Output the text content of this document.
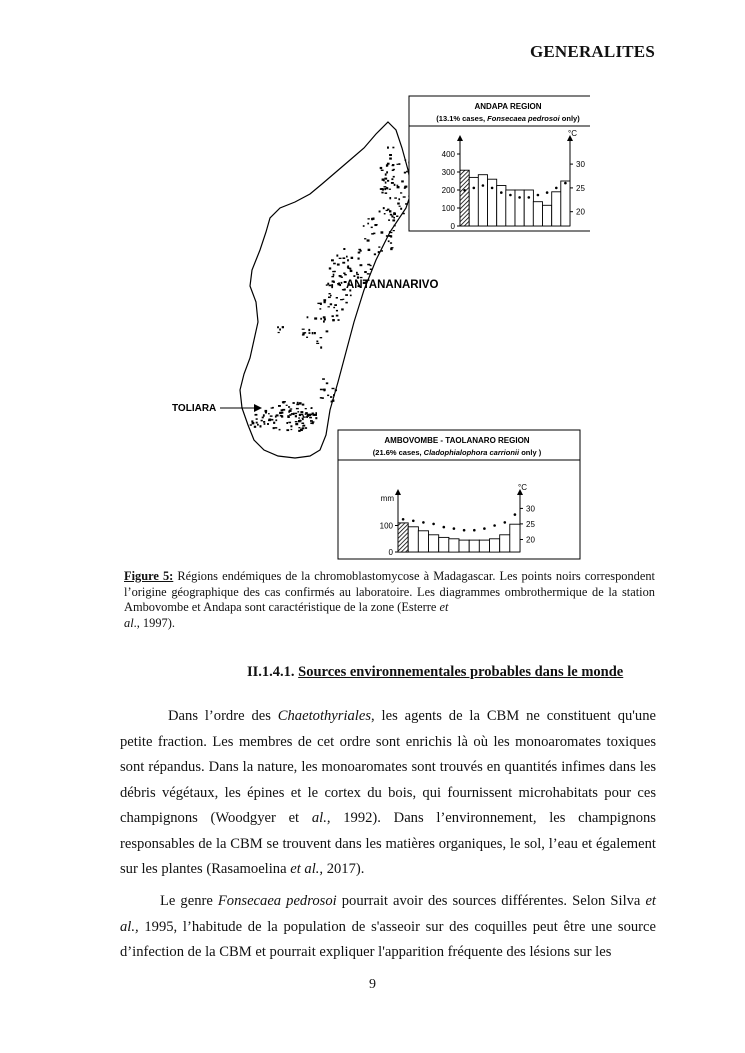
GENERALITES
ANTANANARIVO
TOLIARA
ANDAPA REGION
(13.1% cases, Fonsecaea pedrosoi only)
400
300
200
100
0
30
25
20
°C
AMBOVOMBE - TAOLANARO REGION
(21.6% cases, Cladophialophora carrionii only )
100
0
30
25
20
°C
mm
Figure 5: Régions endémiques de la chromoblastomycose à Madagascar. Les points noirs correspondent l’origine géographique des cas confirmés au laboratoire. Les diagrammes ombrothermique de la station Ambovombe et Andapa sont caractéristique de la zone (Esterre et
al., 1997).
II.1.4.1. Sources environnementales probables dans le monde
Dans l’ordre des Chaetothyriales, les agents de la CBM ne constituent qu'une petite fraction. Les membres de cet ordre sont enrichis là où les monoaromates toxiques sont répandus. Dans la nature, les monoaromates sont trouvés en quantités infimes dans les débris végétaux, les épines et le cortex du bois, qui fournissent microhabitats pour ces champignons (Woodgyer et al., 1992). Dans l’environnement, les champignons responsables de la CBM se trouvent dans les matières organiques, le sol, l’eau et également sur les plantes (Rasamoelina et al., 2017).
Le genre Fonsecaea pedrosoi pourrait avoir des sources différentes. Selon Silva et al., 1995, l’habitude de la population de s'asseoir sur des coquilles peut être une source d’infection de la CBM et pourrait expliquer l'apparition fréquente des lésions sur les
9
